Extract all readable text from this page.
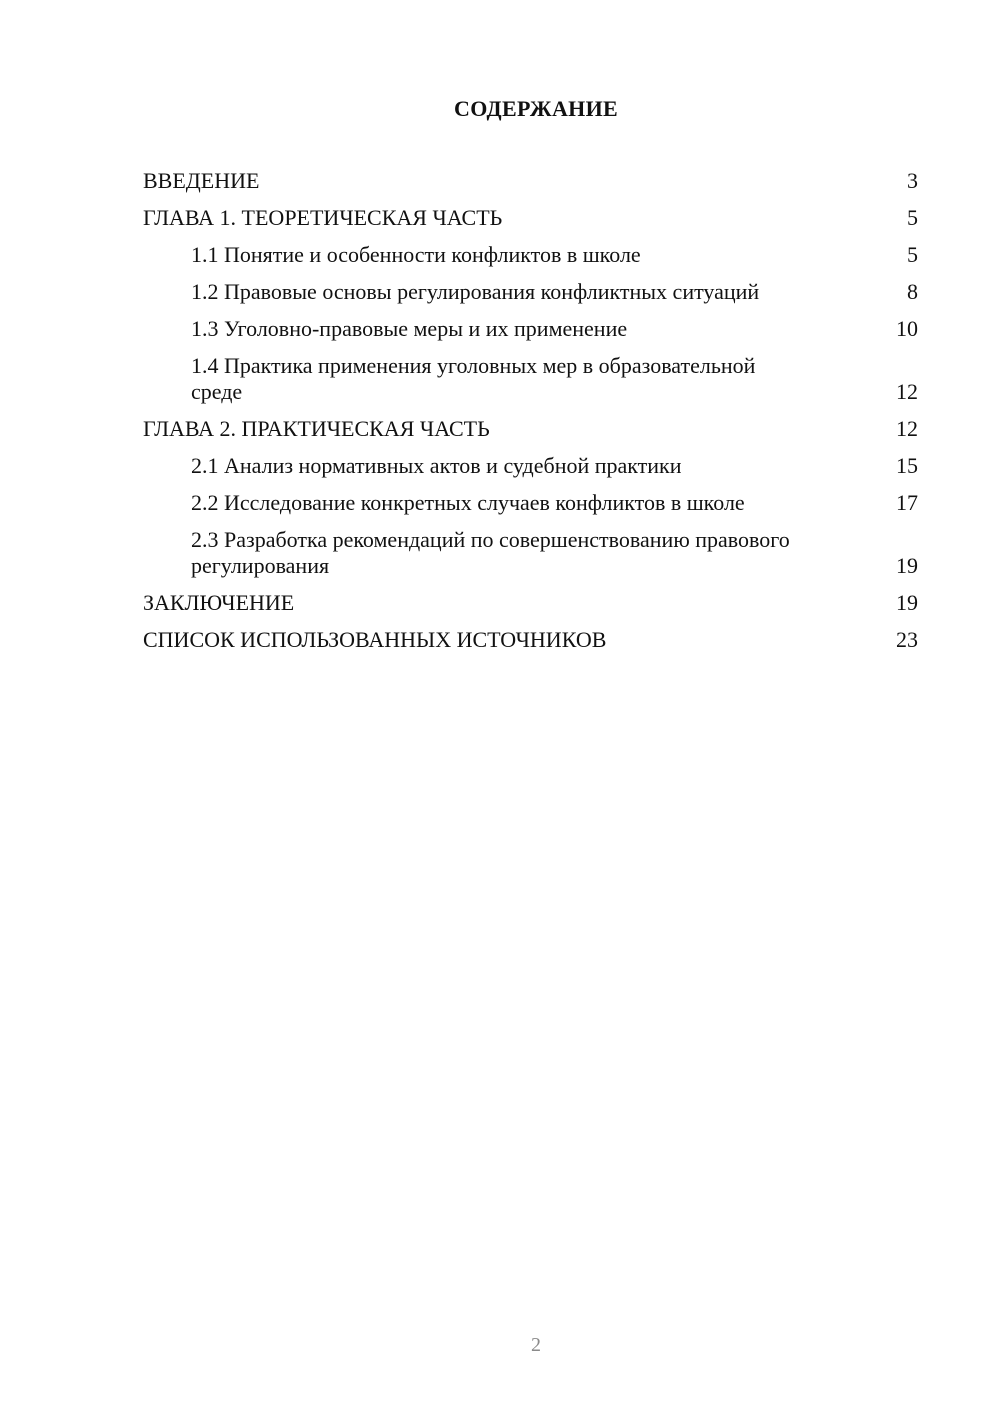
СОДЕРЖАНИЕ
ВВЕДЕНИЕ	3
ГЛАВА 1. ТЕОРЕТИЧЕСКАЯ ЧАСТЬ	5
1.1 Понятие и особенности конфликтов в школе	5
1.2 Правовые основы регулирования конфликтных ситуаций	8
1.3 Уголовно-правовые меры и их применение	10
1.4 Практика применения уголовных мер в образовательной среде	12
ГЛАВА 2. ПРАКТИЧЕСКАЯ ЧАСТЬ	12
2.1 Анализ нормативных актов и судебной практики	15
2.2 Исследование конкретных случаев конфликтов в школе	17
2.3 Разработка рекомендаций по совершенствованию правового регулирования	19
ЗАКЛЮЧЕНИЕ	19
СПИСОК ИСПОЛЬЗОВАННЫХ ИСТОЧНИКОВ	23
2
